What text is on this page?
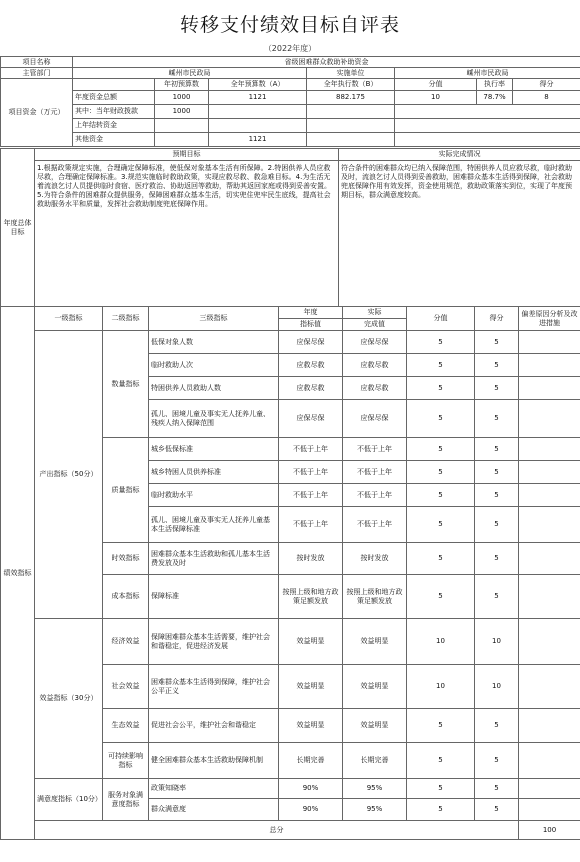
转移支付绩效目标自评表
（2022年度）
项目名称	省级困难群众救助补助资金						
主管部门	嵊州市民政局			实施单位	嵊州市民政局		
项目资金（万元）		年初预算数	全年预算数（A）	全年执行数（B）	分值	执行率	得分
	年度资金总额	1000	1121	882.175	10	78.7%	8
	其中：当年财政拨款	1000					
	上年结转资金						
	其他资金		1121				
年度总体目标	预期目标	实际完成情况
	1.根据政策规定实施，合理确定保障标准，使低保对象基本生活有所保障。2.特困供养人员应救尽救，合理确定保障标准。3.规范实施临时救助政策，实现应救尽救、救急难目标。4.为生活无着流浪乞讨人员提供临时食宿、医疗救治、协助返回等救助，帮助其返回家庭或得到妥善安置。5.为符合条件的困难群众提供服务，保障困难群众基本生活，切实兜住兜牢民生底线，提高社会救助服务水平和质量，发挥社会救助制度兜底保障作用。	符合条件的困难群众均已纳入保障范围，特困供养人员应救尽救，临时救助及时，流浪乞讨人员得到妥善救助，困难群众基本生活得到保障，社会救助兜底保障作用有效发挥，资金使用规范，救助政策落实到位，实现了年度预期目标，群众满意度较高。
绩效指标	一级指标	二级指标	三级指标	年度	实际	分值	得分	偏差原因分析及改进措施	
				指标值	完成值				
	产出指标（50分）	数量指标	低保对象人数	应保尽保	应保尽保	5	5		
			临时救助人次	应救尽救	应救尽救	5	5		
			特困供养人员救助人数	应救尽救	应救尽救	5	5		
			孤儿、困境儿童及事实无人抚养儿童、残疾人纳入保障范围	应保尽保	应保尽保	5	5		
		质量指标	城乡低保标准	不低于上年	不低于上年	5	5		
			城乡特困人员供养标准	不低于上年	不低于上年	5	5		
			临时救助水平	不低于上年	不低于上年	5	5		
			孤儿、困境儿童及事实无人抚养儿童基本生活保障标准	不低于上年	不低于上年	5	5		
		时效指标	困难群众基本生活救助和孤儿基本生活费发放及时	按时发放	按时发放	5	5		
		成本指标	保障标准	按照上级和地方政策足额发放	按照上级和地方政策足额发放	5	5		
	效益指标（30分）	经济效益	保障困难群众基本生活需要，维护社会和谐稳定，促进经济发展	效益明显	效益明显	10	10		
		社会效益	困难群众基本生活得到保障，维护社会公平正义	效益明显	效益明显	10	10		
		生态效益	促进社会公平，维护社会和谐稳定	效益明显	效益明显	5	5		
		可持续影响指标	健全困难群众基本生活救助保障机制	长期完善	长期完善	5	5		
	满意度指标（10分）	服务对象满意度指标	政策知晓率	90%	95%	5	5		
			群众满意度	90%	95%	5	5		
	总分							100	
